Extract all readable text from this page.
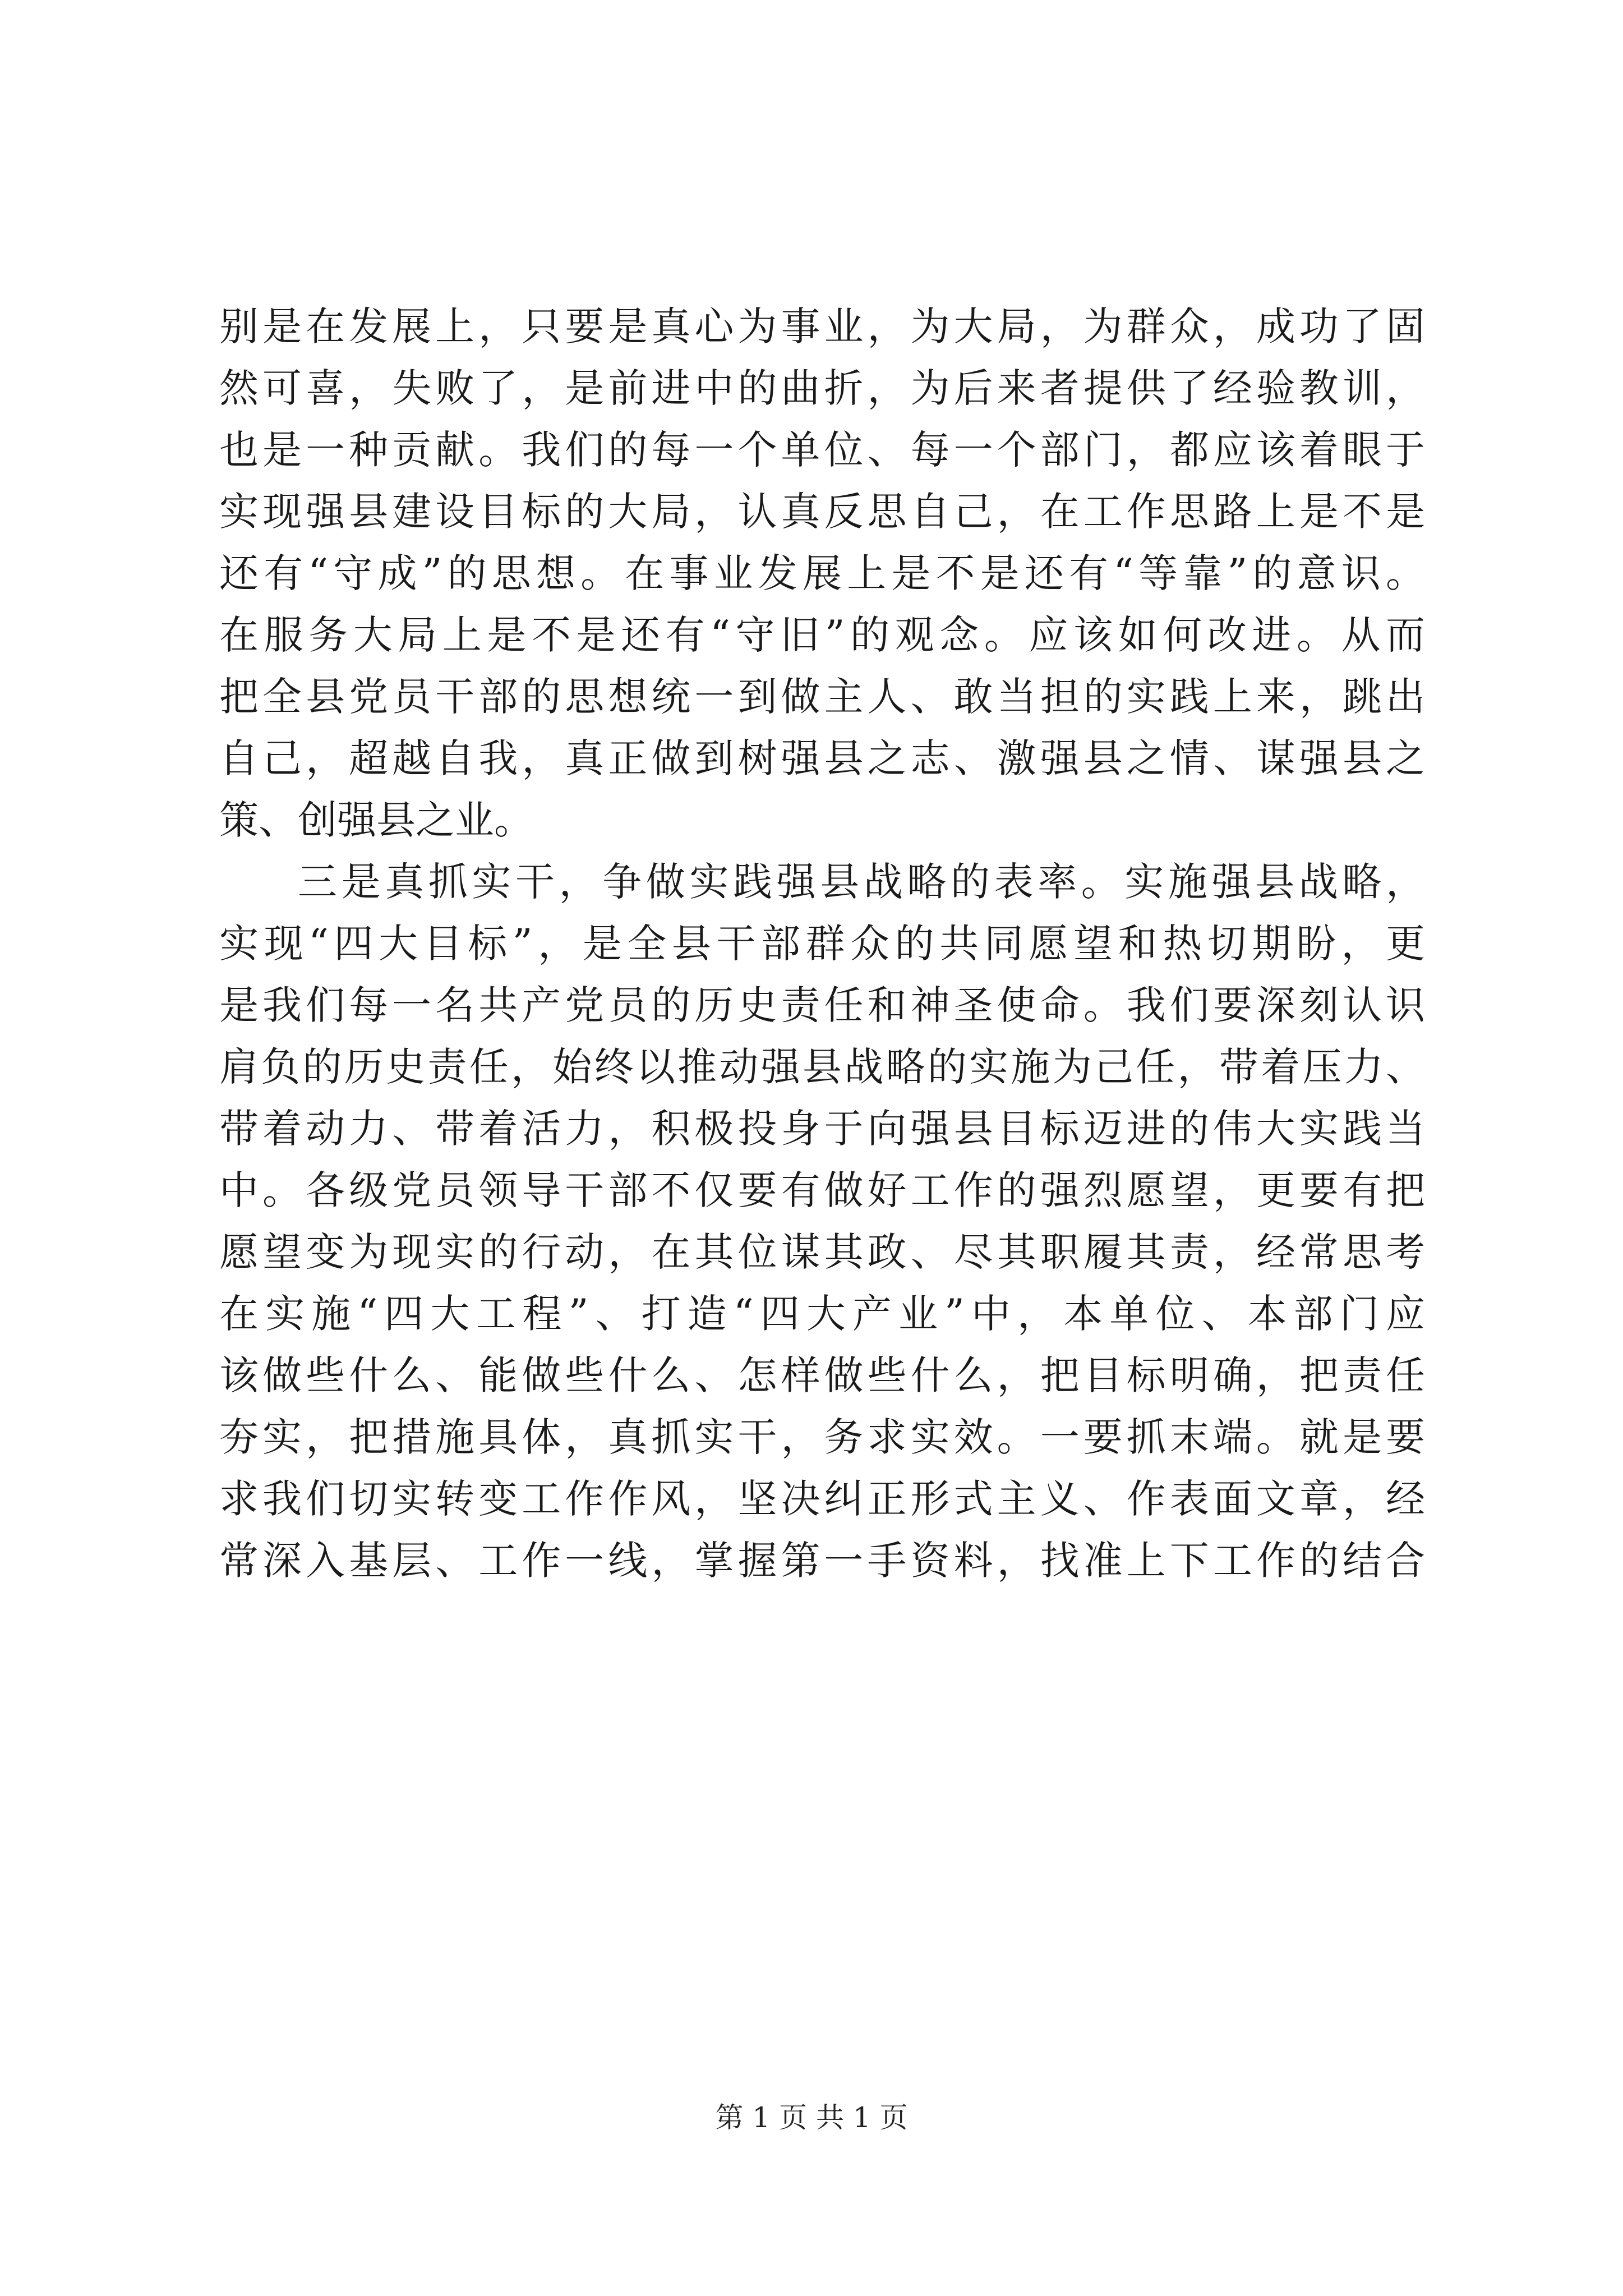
别是在发展上，只要是真心为事业，为大局，为群众，成功了固
然可喜，失败了，是前进中的曲折，为后来者提供了经验教训，
也是一种贡献。我们的每一个单位、每一个部门，都应该着眼于
实现强县建设目标的大局，认真反思自己，在工作思路上是不是
还有“守成”的思想。在事业发展上是不是还有“等靠”的意识。
在服务大局上是不是还有“守旧”的观念。应该如何改进。从而
把全县党员干部的思想统一到做主人、敢当担的实践上来，跳出
自己，超越自我，真正做到树强县之志、激强县之情、谋强县之
策、创强县之业。
三是真抓实干，争做实践强县战略的表率。实施强县战略，
实现“四大目标”，是全县干部群众的共同愿望和热切期盼，更
是我们每一名共产党员的历史责任和神圣使命。我们要深刻认识
肩负的历史责任，始终以推动强县战略的实施为己任，带着压力、
带着动力、带着活力，积极投身于向强县目标迈进的伟大实践当
中。各级党员领导干部不仅要有做好工作的强烈愿望，更要有把
愿望变为现实的行动，在其位谋其政、尽其职履其责，经常思考
在实施“四大工程”、打造“四大产业”中，本单位、本部门应
该做些什么、能做些什么、怎样做些什么，把目标明确，把责任
夯实，把措施具体，真抓实干，务求实效。一要抓末端。就是要
求我们切实转变工作作风，坚决纠正形式主义、作表面文章，经
常深入基层、工作一线，掌握第一手资料，找准上下工作的结合
第 1 页 共 1 页
